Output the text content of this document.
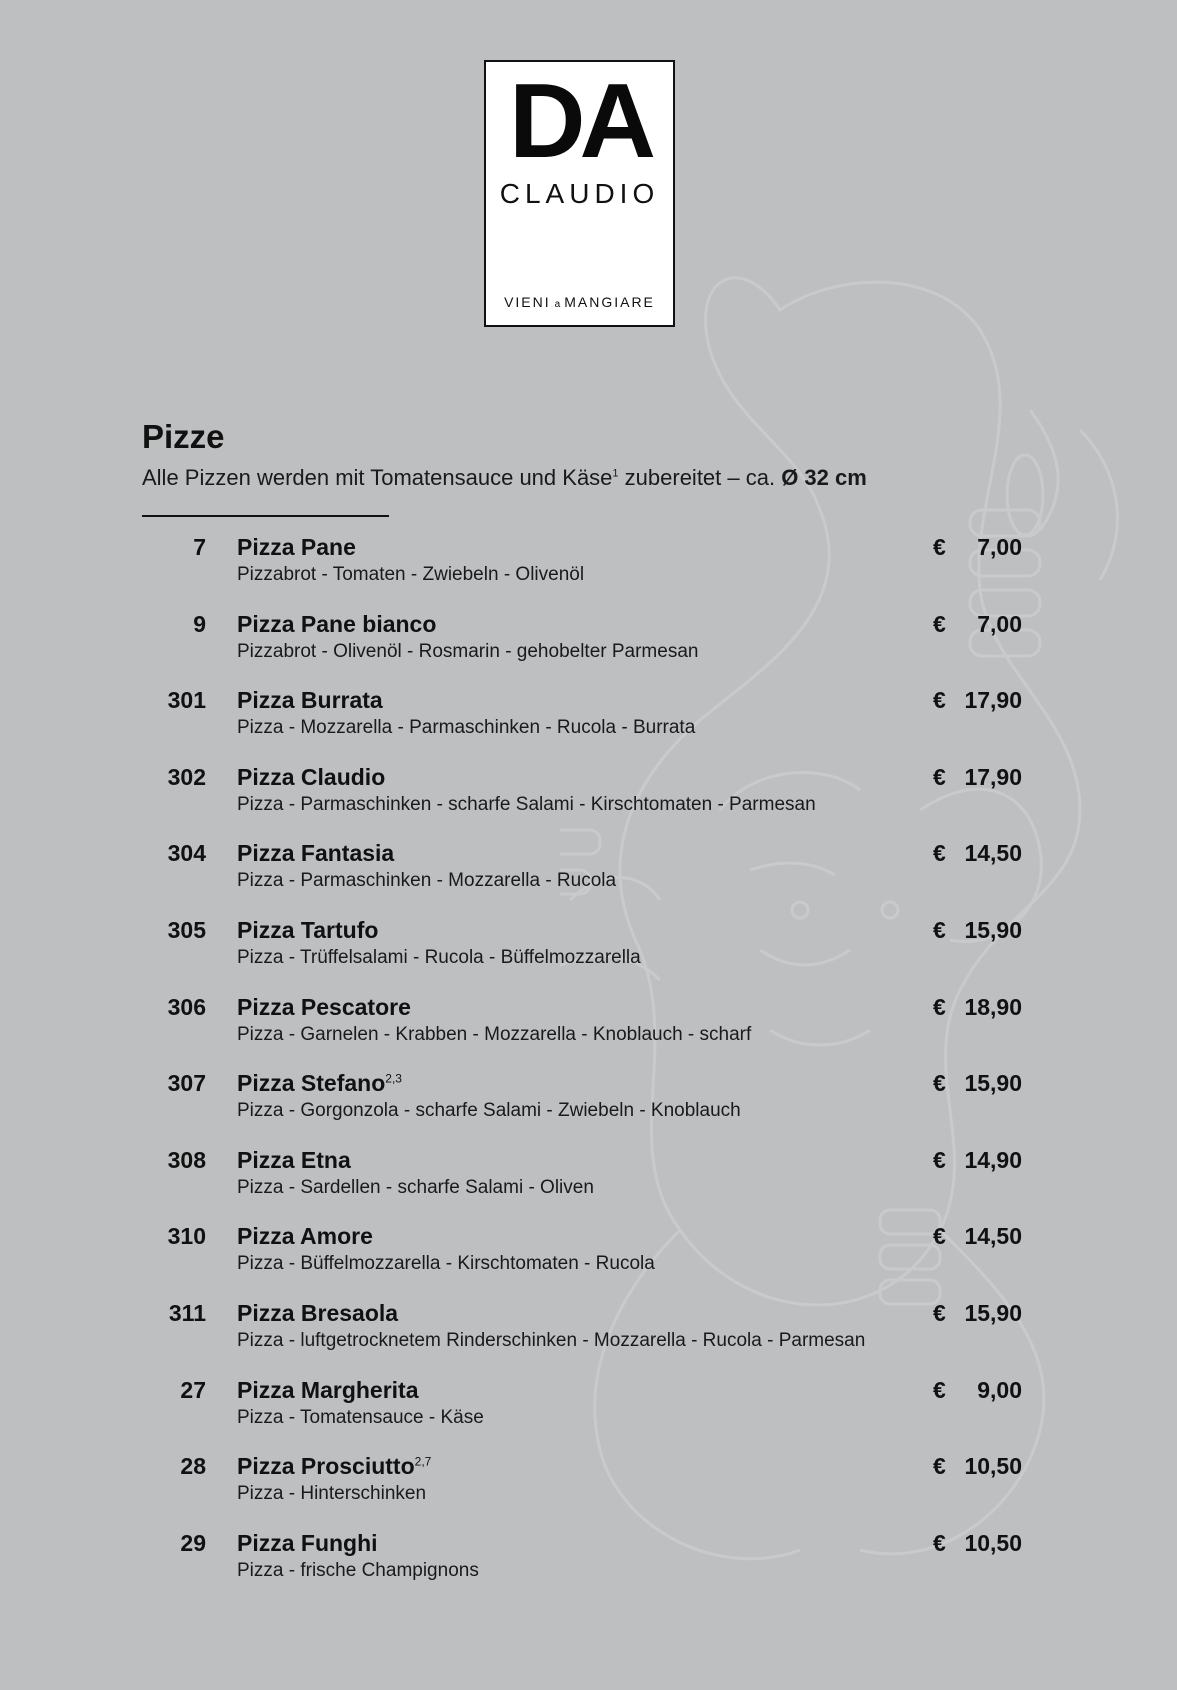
DA
CLAUDIO
VIENI a MANGIARE
Pizze
Alle Pizzen werden mit Tomatensauce und Käse$^1$ zubereitet – ca. Ø 32 cm
7 Pizza Pane
Pizzabrot - Tomaten - Zwiebeln - Olivenöl
€ 7,00
9 Pizza Pane bianco
Pizzabrot - Olivenöl - Rosmarin - gehobelter Parmesan
€ 7,00
301 Pizza Burrata
Pizza - Mozzarella - Parmaschinken - Rucola - Burrata
€ 17,90
302 Pizza Claudio
Pizza - Parmaschinken - scharfe Salami - Kirschtomaten - Parmesan
€ 17,90
304 Pizza Fantasia
Pizza - Parmaschinken - Mozzarella - Rucola
€ 14,50
305 Pizza Tartufo
Pizza - Trüffelsalami - Rucola - Büffelmozzarella
€ 15,90
306 Pizza Pescatore
Pizza - Garnelen - Krabben - Mozzarella - Knoblauch - scharf
€ 18,90
307 Pizza Stefano$^{2,3}$
Pizza - Gorgonzola - scharfe Salami - Zwiebeln - Knoblauch
€ 15,90
308 Pizza Etna
Pizza - Sardellen - scharfe Salami - Oliven
€ 14,90
310 Pizza Amore
Pizza - Büffelmozzarella - Kirschtomaten - Rucola
€ 14,50
311 Pizza Bresaola
Pizza - luftgetrocknetem Rinderschinken - Mozzarella - Rucola - Parmesan
€ 15,90
27 Pizza Margherita
Pizza - Tomatensauce - Käse
€ 9,00
28 Pizza Prosciutto$^{2,7}$
Pizza - Hinterschinken
€ 10,50
29 Pizza Funghi
Pizza - frische Champignons
€ 10,50
